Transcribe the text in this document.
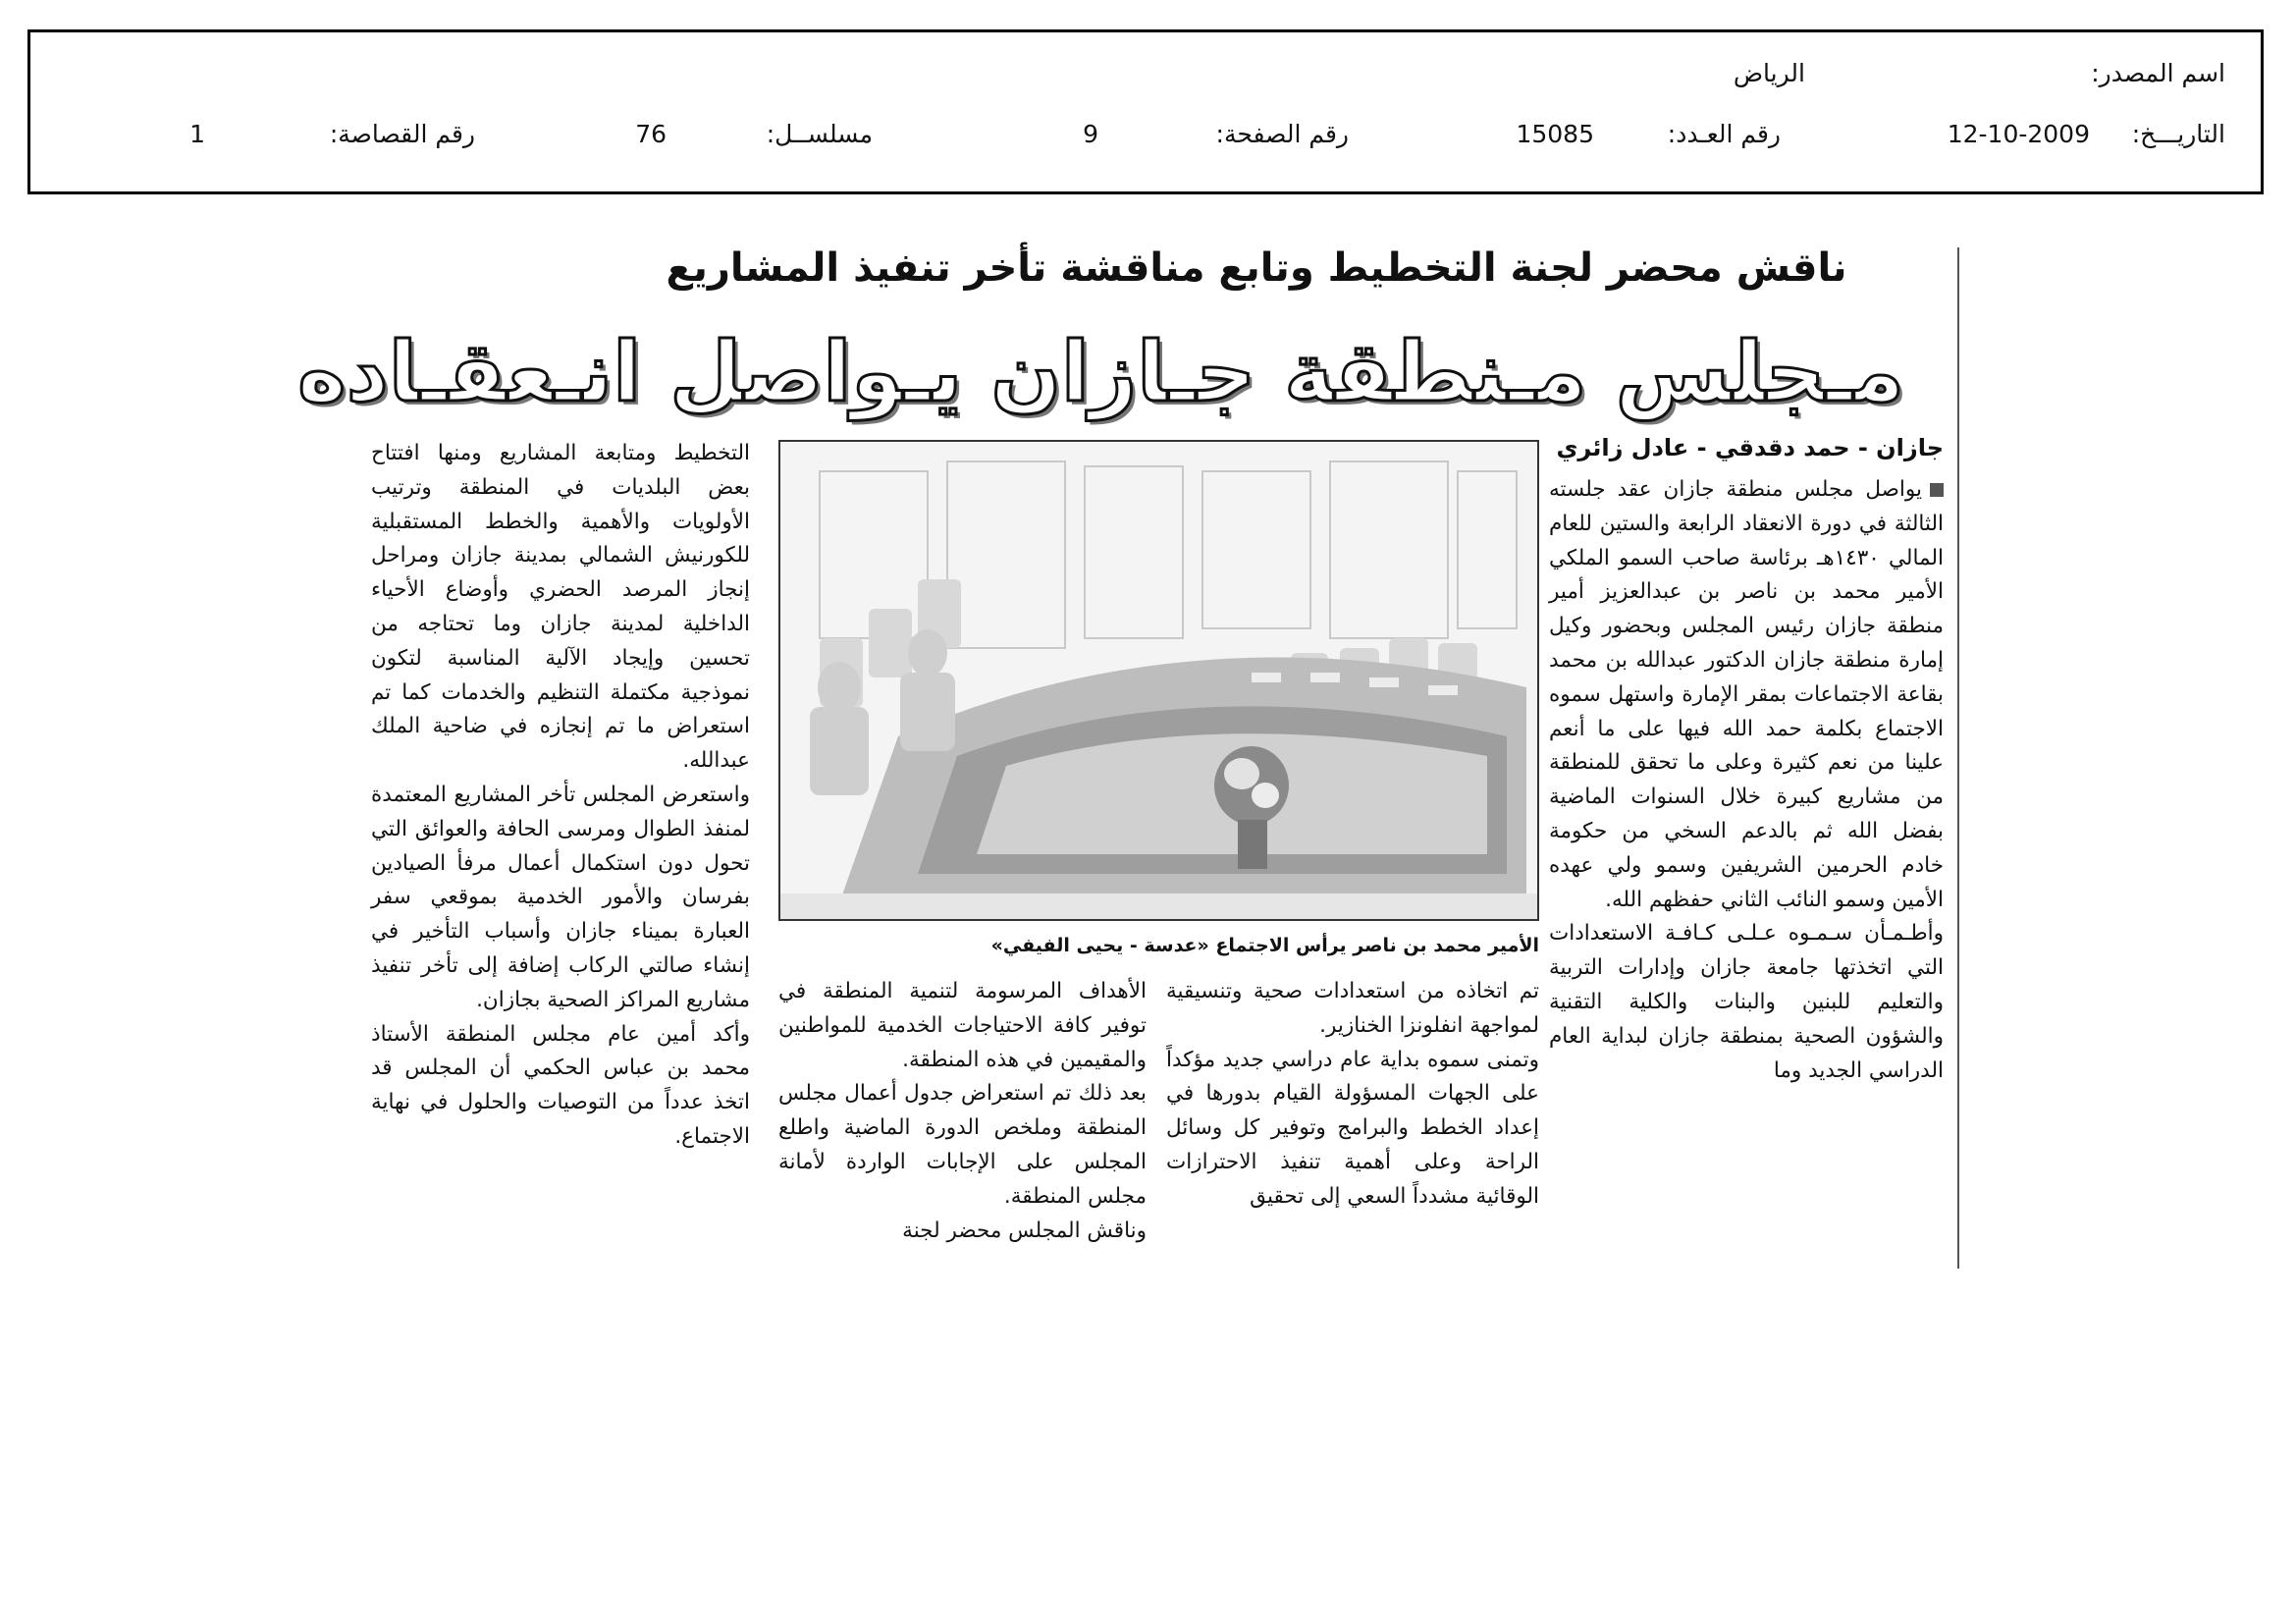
اسم المصدر:
الرياض
التاريـــخ:
12-10-2009
رقم العـدد:
15085
رقم الصفحة:
9
مسلســل:
76
رقم القصاصة:
1
ناقش محضر لجنة التخطيط وتابع مناقشة تأخر تنفيذ المشاريع
مـجلس مـنطقة جـازان يـواصل انـعقـاده
جازان - حمد دقدقي - عادل زائري

يواصل مجلس منطقة جازان عقد جلسته الثالثة في دورة الانعقاد الرابعة والستين للعام المالي ١٤٣٠هـ برئاسة صاحب السمو الملكي الأمير محمد بن ناصر بن عبدالعزيز أمير منطقة جازان رئيس المجلس وبحضور وكيل إمارة منطقة جازان الدكتور عبدالله بن محمد بقاعة الاجتماعات بمقر الإمارة واستهل سموه الاجتماع بكلمة حمد الله فيها على ما أنعم علينا من نعم كثيرة وعلى ما تحقق للمنطقة من مشاريع كبيرة خلال السنوات الماضية بفضل الله ثم بالدعم السخي من حكومة خادم الحرمين الشريفين وسمو ولي عهده الأمين وسمو النائب الثاني حفظهم الله.

وأطـمـأن سـمـوه عـلـى كـافـة الاستعدادات التي اتخذتها جامعة جازان وإدارات التربية والتعليم للبنين والبنات والكلية التقنية والشؤون الصحية بمنطقة جازان لبداية العام الدراسي الجديد وما

الأمير محمد بن ناصر يرأس الاجتماع «عدسة - يحيى الفيفي»

تم اتخاذه من استعدادات صحية وتنسيقية لمواجهة انفلونزا الخنازير.

وتمنى سموه بداية عام دراسي جديد مؤكداً على الجهات المسؤولة القيام بدورها في إعداد الخطط والبرامج وتوفير كل وسائل الراحة وعلى أهمية تنفيذ الاحترازات الوقائية مشدداً السعي إلى تحقيق

الأهداف المرسومة لتنمية المنطقة في توفير كافة الاحتياجات الخدمية للمواطنين والمقيمين في هذه المنطقة.

بعد ذلك تم استعراض جدول أعمال مجلس المنطقة وملخص الدورة الماضية واطلع المجلس على الإجابات الواردة لأمانة مجلس المنطقة.

وناقش المجلس محضر لجنة

التخطيط ومتابعة المشاريع ومنها افتتاح بعض البلديات في المنطقة وترتيب الأولويات والأهمية والخطط المستقبلية للكورنيش الشمالي بمدينة جازان ومراحل إنجاز المرصد الحضري وأوضاع الأحياء الداخلية لمدينة جازان وما تحتاجه من تحسين وإيجاد الآلية المناسبة لتكون نموذجية مكتملة التنظيم والخدمات كما تم استعراض ما تم إنجازه في ضاحية الملك عبدالله.

واستعرض المجلس تأخر المشاريع المعتمدة لمنفذ الطوال ومرسى الحافة والعوائق التي تحول دون استكمال أعمال مرفأ الصيادين بفرسان والأمور الخدمية بموقعي سفر العبارة بميناء جازان وأسباب التأخير في إنشاء صالتي الركاب إضافة إلى تأخر تنفيذ مشاريع المراكز الصحية بجازان.

وأكد أمين عام مجلس المنطقة الأستاذ محمد بن عباس الحكمي أن المجلس قد اتخذ عدداً من التوصيات والحلول في نهاية الاجتماع.
